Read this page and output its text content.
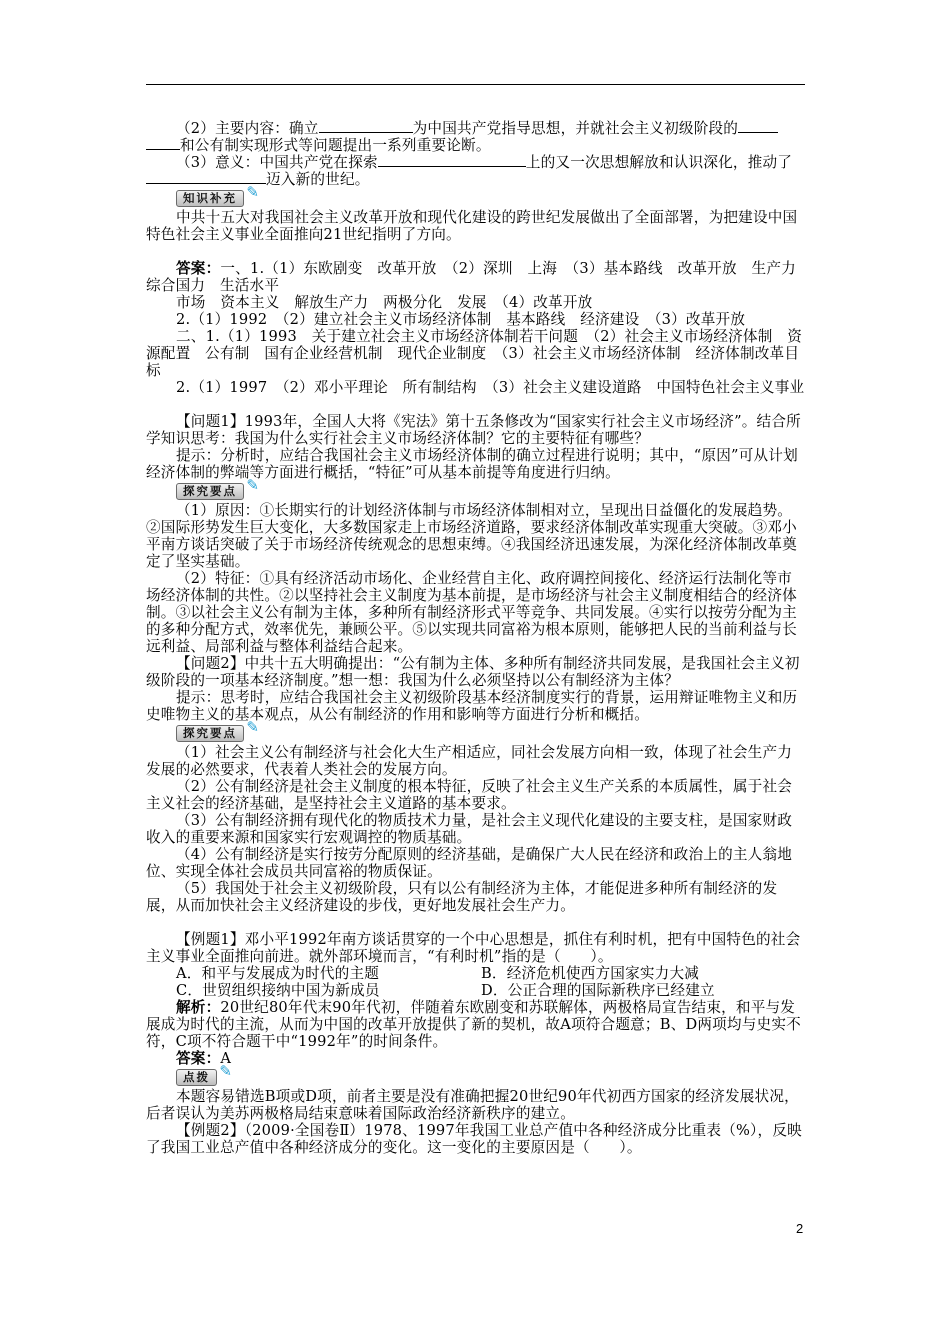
（2）主要内容：确立	为中国共产党指导思想，并就社会主义初级阶段的
和公有制实现形式等问题提出一系列重要论断。

（3）意义：中国共产党在探索	上的又一次思想解放和认识深化，推动了迈入新的世纪。

知识补充 ✎

中共十五大对我国社会主义改革开放和现代化建设的跨世纪发展做出了全面部署，为把建设中国特色社会主义事业全面推向21世纪指明了方向。

答案：一、1.（1）东欧剧变　改革开放　（2）深圳　上海　（3）基本路线　改革开放　生产力　综合国力　生活水平

市场　资本主义　解放生产力　两极分化　发展　（4）改革开放

2.（1）1992　（2）建立社会主义市场经济体制　基本路线　经济建设　（3）改革开放

二、1.（1）1993　关于建立社会主义市场经济体制若干问题　（2）社会主义市场经济体制　资源配置　公有制　国有企业经营机制　现代企业制度　（3）社会主义市场经济体制　经济体制改革目标

2.（1）1997　（2）邓小平理论　所有制结构　（3）社会主义建设道路　中国特色社会主义事业

【问题1】1993年，全国人大将《宪法》第十五条修改为“国家实行社会主义市场经济”。结合所学知识思考：我国为什么实行社会主义市场经济体制？它的主要特征有哪些？

提示：分析时，应结合我国社会主义市场经济体制的确立过程进行说明；其中，“原因”可从计划经济体制的弊端等方面进行概括，“特征”可从基本前提等角度进行归纳。

探究要点 ✎

（1）原因：①长期实行的计划经济体制与市场经济体制相对立，呈现出日益僵化的发展趋势。②国际形势发生巨大变化，大多数国家走上市场经济道路，要求经济体制改革实现重大突破。③邓小平南方谈话突破了关于市场经济传统观念的思想束缚。④我国经济迅速发展，为深化经济体制改革奠定了坚实基础。

（2）特征：①具有经济活动市场化、企业经营自主化、政府调控间接化、经济运行法制化等市场经济体制的共性。②以坚持社会主义制度为基本前提，是市场经济与社会主义制度相结合的经济体制。③以社会主义公有制为主体，多种所有制经济形式平等竞争、共同发展。④实行以按劳分配为主的多种分配方式，效率优先，兼顾公平。⑤以实现共同富裕为根本原则，能够把人民的当前利益与长远利益、局部利益与整体利益结合起来。

【问题2】中共十五大明确提出：“公有制为主体、多种所有制经济共同发展，是我国社会主义初级阶段的一项基本经济制度。”想一想：我国为什么必须坚持以公有制经济为主体？

提示：思考时，应结合我国社会主义初级阶段基本经济制度实行的背景，运用辩证唯物主义和历史唯物主义的基本观点，从公有制经济的作用和影响等方面进行分析和概括。

探究要点 ✎

（1）社会主义公有制经济与社会化大生产相适应，同社会发展方向相一致，体现了社会生产力发展的必然要求，代表着人类社会的发展方向。

（2）公有制经济是社会主义制度的根本特征，反映了社会主义生产关系的本质属性，属于社会主义社会的经济基础，是坚持社会主义道路的基本要求。

（3）公有制经济拥有现代化的物质技术力量，是社会主义现代化建设的主要支柱，是国家财政收入的重要来源和国家实行宏观调控的物质基础。

（4）公有制经济是实行按劳分配原则的经济基础，是确保广大人民在经济和政治上的主人翁地位、实现全体社会成员共同富裕的物质保证。

（5）我国处于社会主义初级阶段，只有以公有制经济为主体，才能促进多种所有制经济的发展，从而加快社会主义经济建设的步伐，更好地发展社会生产力。

【例题1】邓小平1992年南方谈话贯穿的一个中心思想是，抓住有利时机，把有中国特色的社会主义事业全面推向前进。就外部环境而言，“有利时机”指的是（　　）。

A．和平与发展成为时代的主题	B．经济危机使西方国家实力大减
C．世贸组织接纳中国为新成员	D．公正合理的国际新秩序已经建立

解析：20世纪80年代末90年代初，伴随着东欧剧变和苏联解体，两极格局宣告结束，和平与发展成为时代的主流，从而为中国的改革开放提供了新的契机，故A项符合题意；B、D两项均与史实不符，C项不符合题干中“1992年”的时间条件。

答案：A

点拨 ✎

本题容易错选B项或D项，前者主要是没有准确把握20世纪90年代初西方国家的经济发展状况，后者误认为美苏两极格局结束意味着国际政治经济新秩序的建立。

【例题2】（2009·全国卷Ⅱ）1978、1997年我国工业总产值中各种经济成分比重表（%），反映了我国工业总产值中各种经济成分的变化。这一变化的主要原因是（　　）。

2
